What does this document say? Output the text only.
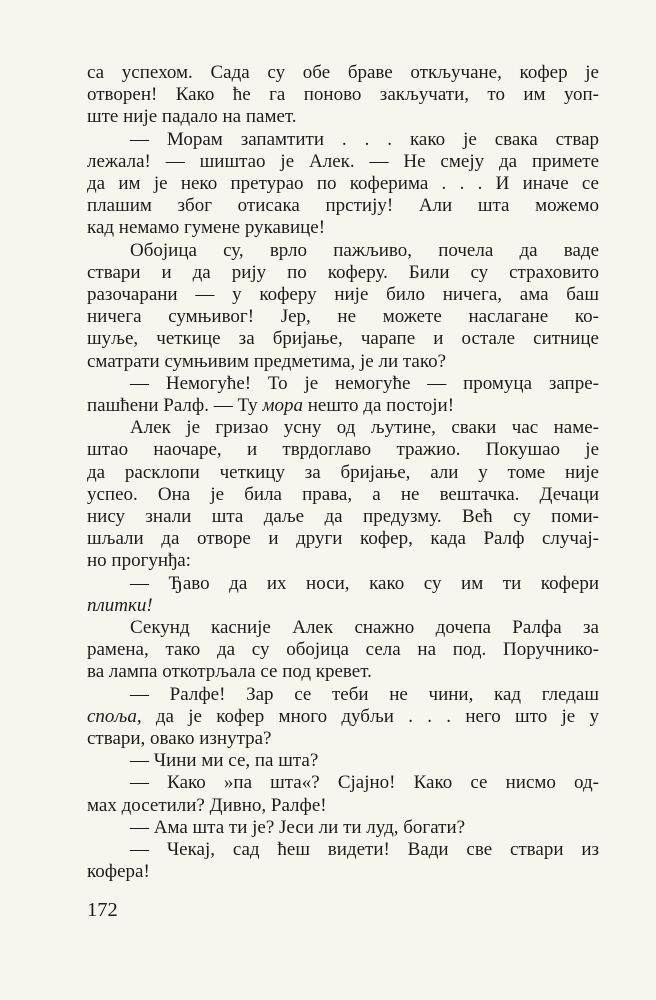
са успехом. Сада су обе браве откључане, кофер је
отворен! Како ће га поново закључати, то им уоп-
ште није падало на памет.
— Морам запамтити . . . како је свака ствар
лежала! — шиштао је Алек. — Не смеју да примете
да им је неко претурао по коферима . . . И иначе се
плашим због отисака прстију! Али шта можемо
кад немамо гумене рукавице!
Обојица су, врло пажљиво, почела да ваде
ствари и да рију по коферу. Били су страховито
разочарани — у коферу није било ничега, ама баш
ничега сумњивог! Јер, не можете наслагане ко-
шуље, четкице за бријање, чарапе и остале ситнице
сматрати сумњивим предметима, је ли тако?
— Немогуће! То је немогуће — промуца запре-
пашћени Ралф. — Ту мора нешто да постоји!
Алек је гризао усну од љутине, сваки час наме-
штао наочаре, и тврдоглаво тражио. Покушао је
да расклопи четкицу за бријање, али у томе није
успео. Она је била права, а не вештачка. Дечаци
нису знали шта даље да предузму. Већ су поми-
шљали да отворе и други кофер, када Ралф случај-
но прогунђа:
— Ђаво да их носи, како су им ти кофери
плитки!
Секунд касније Алек снажно дочепа Ралфа за
рамена, тако да су обојица села на под. Поручнико-
ва лампа откотрљала се под кревет.
— Ралфе! Зар се теби не чини, кад гледаш
споља, да је кофер много дубљи . . . него што је у
ствари, овако изнутра?
— Чини ми се, па шта?
— Како »па шта«? Сјајно! Како се нисмо од-
мах досетили? Дивно, Ралфе!
— Ама шта ти је? Јеси ли ти луд, богати?
— Чекај, сад ћеш видети! Вади све ствари из
кофера!
172
